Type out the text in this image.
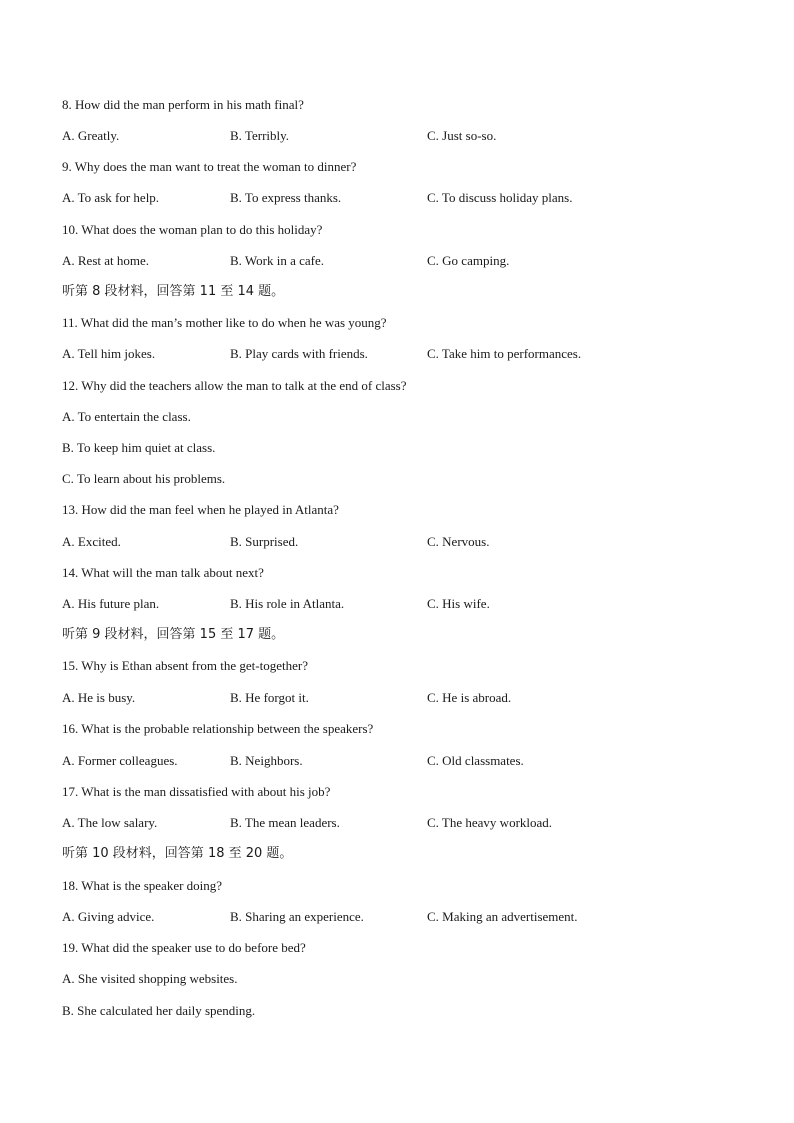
8. How did the man perform in his math final?
A. Greatly.	B. Terribly.	C. Just so-so.
9. Why does the man want to treat the woman to dinner?
A. To ask for help.	B. To express thanks.	C. To discuss holiday plans.
10. What does the woman plan to do this holiday?
A. Rest at home.	B. Work in a cafe.	C. Go camping.
听第 8 段材料，回答第 11 至 14 题。
11. What did the man’s mother like to do when he was young?
A. Tell him jokes.	B. Play cards with friends.	C. Take him to performances.
12. Why did the teachers allow the man to talk at the end of class?
A. To entertain the class.
B. To keep him quiet at class.
C. To learn about his problems.
13. How did the man feel when he played in Atlanta?
A. Excited.	B. Surprised.	C. Nervous.
14. What will the man talk about next?
A. His future plan.	B. His role in Atlanta.	C. His wife.
听第 9 段材料，回答第 15 至 17 题。
15. Why is Ethan absent from the get-together?
A. He is busy.	B. He forgot it.	C. He is abroad.
16. What is the probable relationship between the speakers?
A. Former colleagues.	B. Neighbors.	C. Old classmates.
17. What is the man dissatisfied with about his job?
A. The low salary.	B. The mean leaders.	C. The heavy workload.
听第 10 段材料，回答第 18 至 20 题。
18. What is the speaker doing?
A. Giving advice.	B. Sharing an experience.	C. Making an advertisement.
19. What did the speaker use to do before bed?
A. She visited shopping websites.
B. She calculated her daily spending.
